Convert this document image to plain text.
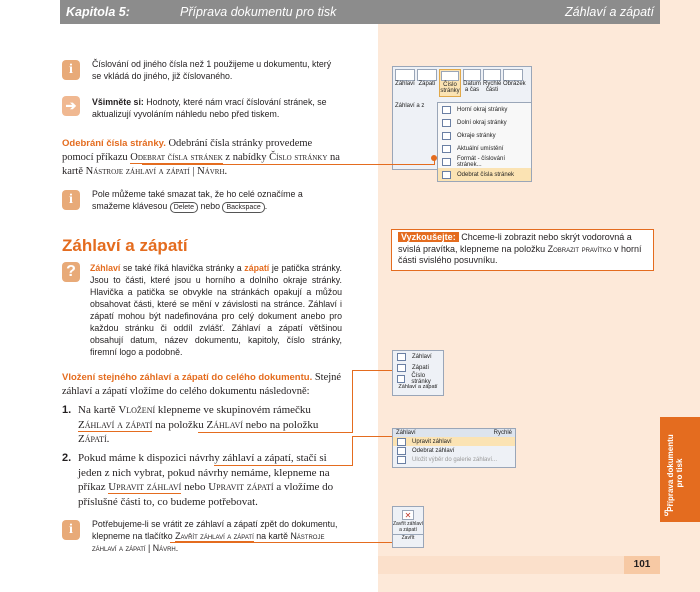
Kapitola 5:	Příprava dokumentu pro tisk	Záhlaví a zápatí
i	Číslování od jiného čísla než 1 použijeme u dokumentu, který se vkládá do jiného, již číslovaného.
➔	Všimněte si: Hodnoty, které nám vrací číslování stránek, se aktualizují vyvoláním náhledu nebo před tiskem.
Odebrání čísla stránky. Odebrání čísla stránky provedeme pomocí příkazu Odebrat čísla stránek z nabídky Číslo stránky na kartě Nástroje záhlaví a zápatí | Návrh.
i	Pole můžeme také smazat tak, že ho celé označíme a smažeme klávesou Delete nebo Backspace .
Záhlaví a zápatí
?	Záhlaví se také říká hlavička stránky a zápatí je patička stránky. Jsou to části, které jsou u horního a dolního okraje stránky. Hlavička a patička se obvykle na stránkách opakují a můžou obsahovat části, které se mění v závislosti na stránce. Záhlaví i zápatí mohou být nadefinována pro celý dokument anebo pro každou stránku či oddíl zvlášť. Záhlaví a zápatí většinou obsahují datum, název dokumentu, kapitoly, číslo stránky, firemní logo a podobně.
Vložení stejného záhlaví a zápatí do celého dokumentu. Stejné záhlaví a zápatí vložíme do celého dokumentu následovně:
1. Na kartě Vložení klepneme ve skupinovém rámečku Záhlaví a zápatí na položku Záhlaví nebo na položku Zápatí.
2. Pokud máme k dispozici návrhy záhlaví a zápatí, stačí si jeden z nich vybrat, pokud návrhy nemáme, klepneme na příkaz Upravit záhlaví nebo Upravit zápatí a vložíme do příslušné části to, co budeme potřebovat.
i	Potřebujeme-li se vrátit ze záhlaví a zápatí zpět do dokumentu, klepneme na tlačítko Zavřít záhlaví a zápatí na kartě Nástroje záhlaví a zápatí | Návrh.
Vyzkoušejte: Chceme-li zobrazit nebo skrýt vodorovná a svislá pravítka, klepneme na položku Zobrazit pravítko v horní části svislého posuvníku.
Záhlaví Zápatí	Číslo stránky
Datum a čas
Rychlé části
Obrázek
Záhlaví a z
Horní okraj stránky
Dolní okraj stránky
Okraje stránky
Aktuální umístění
Formát - číslování stránek...
Odebrat čísla stránek
Záhlaví
Zápatí
Číslo stránky
Záhlaví a zápatí
Záhlaví	Rychlé
Upravit záhlaví
Odebrat záhlaví
Uložit výběr do galerie záhlaví...
✕
Zavřít záhlaví a zápatí
Zavřít
Příprava dokumentu pro tisk
5
101
